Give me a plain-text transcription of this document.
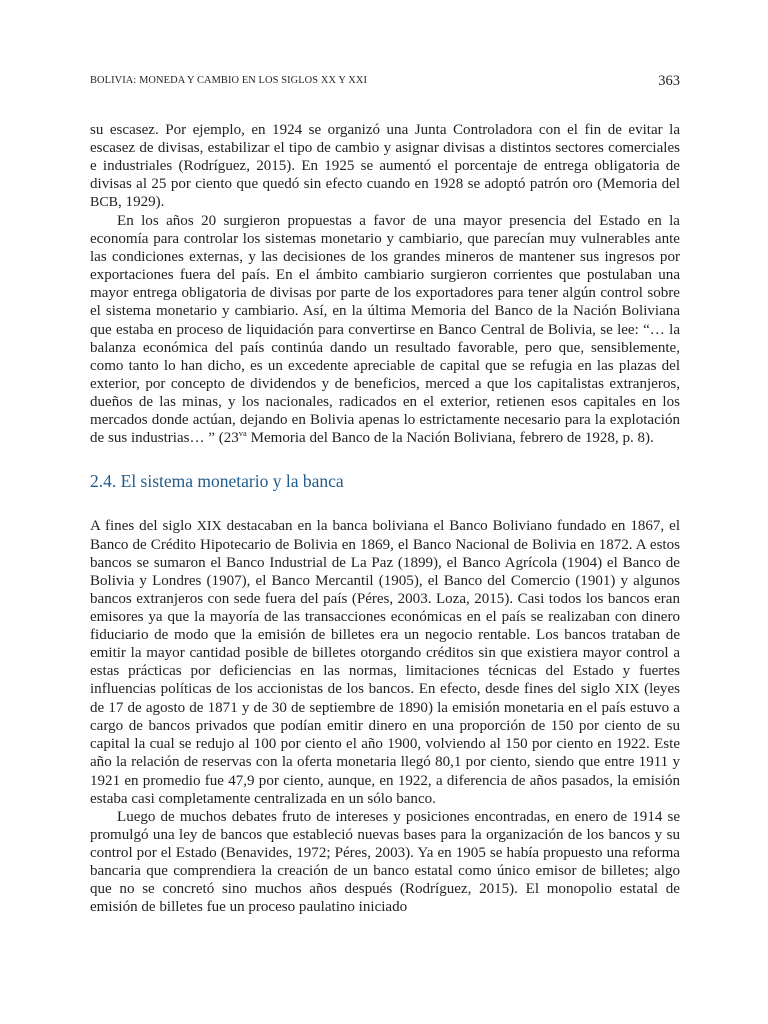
BOLIVIA: MONEDA Y CAMBIO EN LOS SIGLOS XX Y XXI	363

su escasez. Por ejemplo, en 1924 se organizó una Junta Controladora con el fin de evitar la escasez de divisas, estabilizar el tipo de cambio y asignar divisas a distintos sectores comerciales e industriales (Rodríguez, 2015). En 1925 se aumentó el porcentaje de entrega obligatoria de divisas al 25 por ciento que quedó sin efecto cuando en 1928 se adoptó patrón oro (Memoria del BCB, 1929).

En los años 20 surgieron propuestas a favor de una mayor presencia del Estado en la economía para controlar los sistemas monetario y cambiario, que parecían muy vulnerables ante las condiciones externas, y las decisiones de los grandes mineros de mantener sus ingresos por exportaciones fuera del país. En el ámbito cambiario surgieron corrientes que postulaban una mayor entrega obligatoria de divisas por parte de los exportadores para tener algún control sobre el sistema monetario y cambiario. Así, en la última Memoria del Banco de la Nación Boliviana que estaba en proceso de liquidación para convertirse en Banco Central de Bolivia, se lee: “… la balanza económica del país continúa dando un resultado favorable, pero que, sensiblemente, como tanto lo han dicho, es un excedente apreciable de capital que se refugia en las plazas del exterior, por concepto de dividendos y de beneficios, merced a que los capitalistas extranjeros, dueños de las minas, y los nacionales, radicados en el exterior, retienen esos capitales en los mercados donde actúan, dejando en Bolivia apenas lo estrictamente necesario para la explotación de sus industrias… ” ($23^{va}$ Memoria del Banco de la Nación Boliviana, febrero de 1928, p. 8).

2.4. El sistema monetario y la banca

A fines del siglo XIX destacaban en la banca boliviana el Banco Boliviano fundado en 1867, el Banco de Crédito Hipotecario de Bolivia en 1869, el Banco Nacional de Bolivia en 1872. A estos bancos se sumaron el Banco Industrial de La Paz (1899), el Banco Agrícola (1904) el Banco de Bolivia y Londres (1907), el Banco Mercantil (1905), el Banco del Comercio (1901) y algunos bancos extranjeros con sede fuera del país (Péres, 2003. Loza, 2015). Casi todos los bancos eran emisores ya que la mayoría de las transacciones económicas en el país se realizaban con dinero fiduciario de modo que la emisión de billetes era un negocio rentable. Los bancos trataban de emitir la mayor cantidad posible de billetes otorgando créditos sin que existiera mayor control a estas prácticas por deficiencias en las normas, limitaciones técnicas del Estado y fuertes influencias políticas de los accionistas de los bancos. En efecto, desde fines del siglo XIX (leyes de 17 de agosto de 1871 y de 30 de septiembre de 1890) la emisión monetaria en el país estuvo a cargo de bancos privados que podían emitir dinero en una proporción de 150 por ciento de su capital la cual se redujo al 100 por ciento el año 1900, volviendo al 150 por ciento en 1922. Este año la relación de reservas con la oferta monetaria llegó 80,1 por ciento, siendo que entre 1911 y 1921 en promedio fue 47,9 por ciento, aunque, en 1922, a diferencia de años pasados, la emisión estaba casi completamente centralizada en un sólo banco.

Luego de muchos debates fruto de intereses y posiciones encontradas, en enero de 1914 se promulgó una ley de bancos que estableció nuevas bases para la organización de los bancos y su control por el Estado (Benavides, 1972; Péres, 2003). Ya en 1905 se había propuesto una reforma bancaria que comprendiera la creación de un banco estatal como único emisor de billetes; algo que no se concretó sino muchos años después (Rodríguez, 2015). El monopolio estatal de emisión de billetes fue un proceso paulatino iniciado
